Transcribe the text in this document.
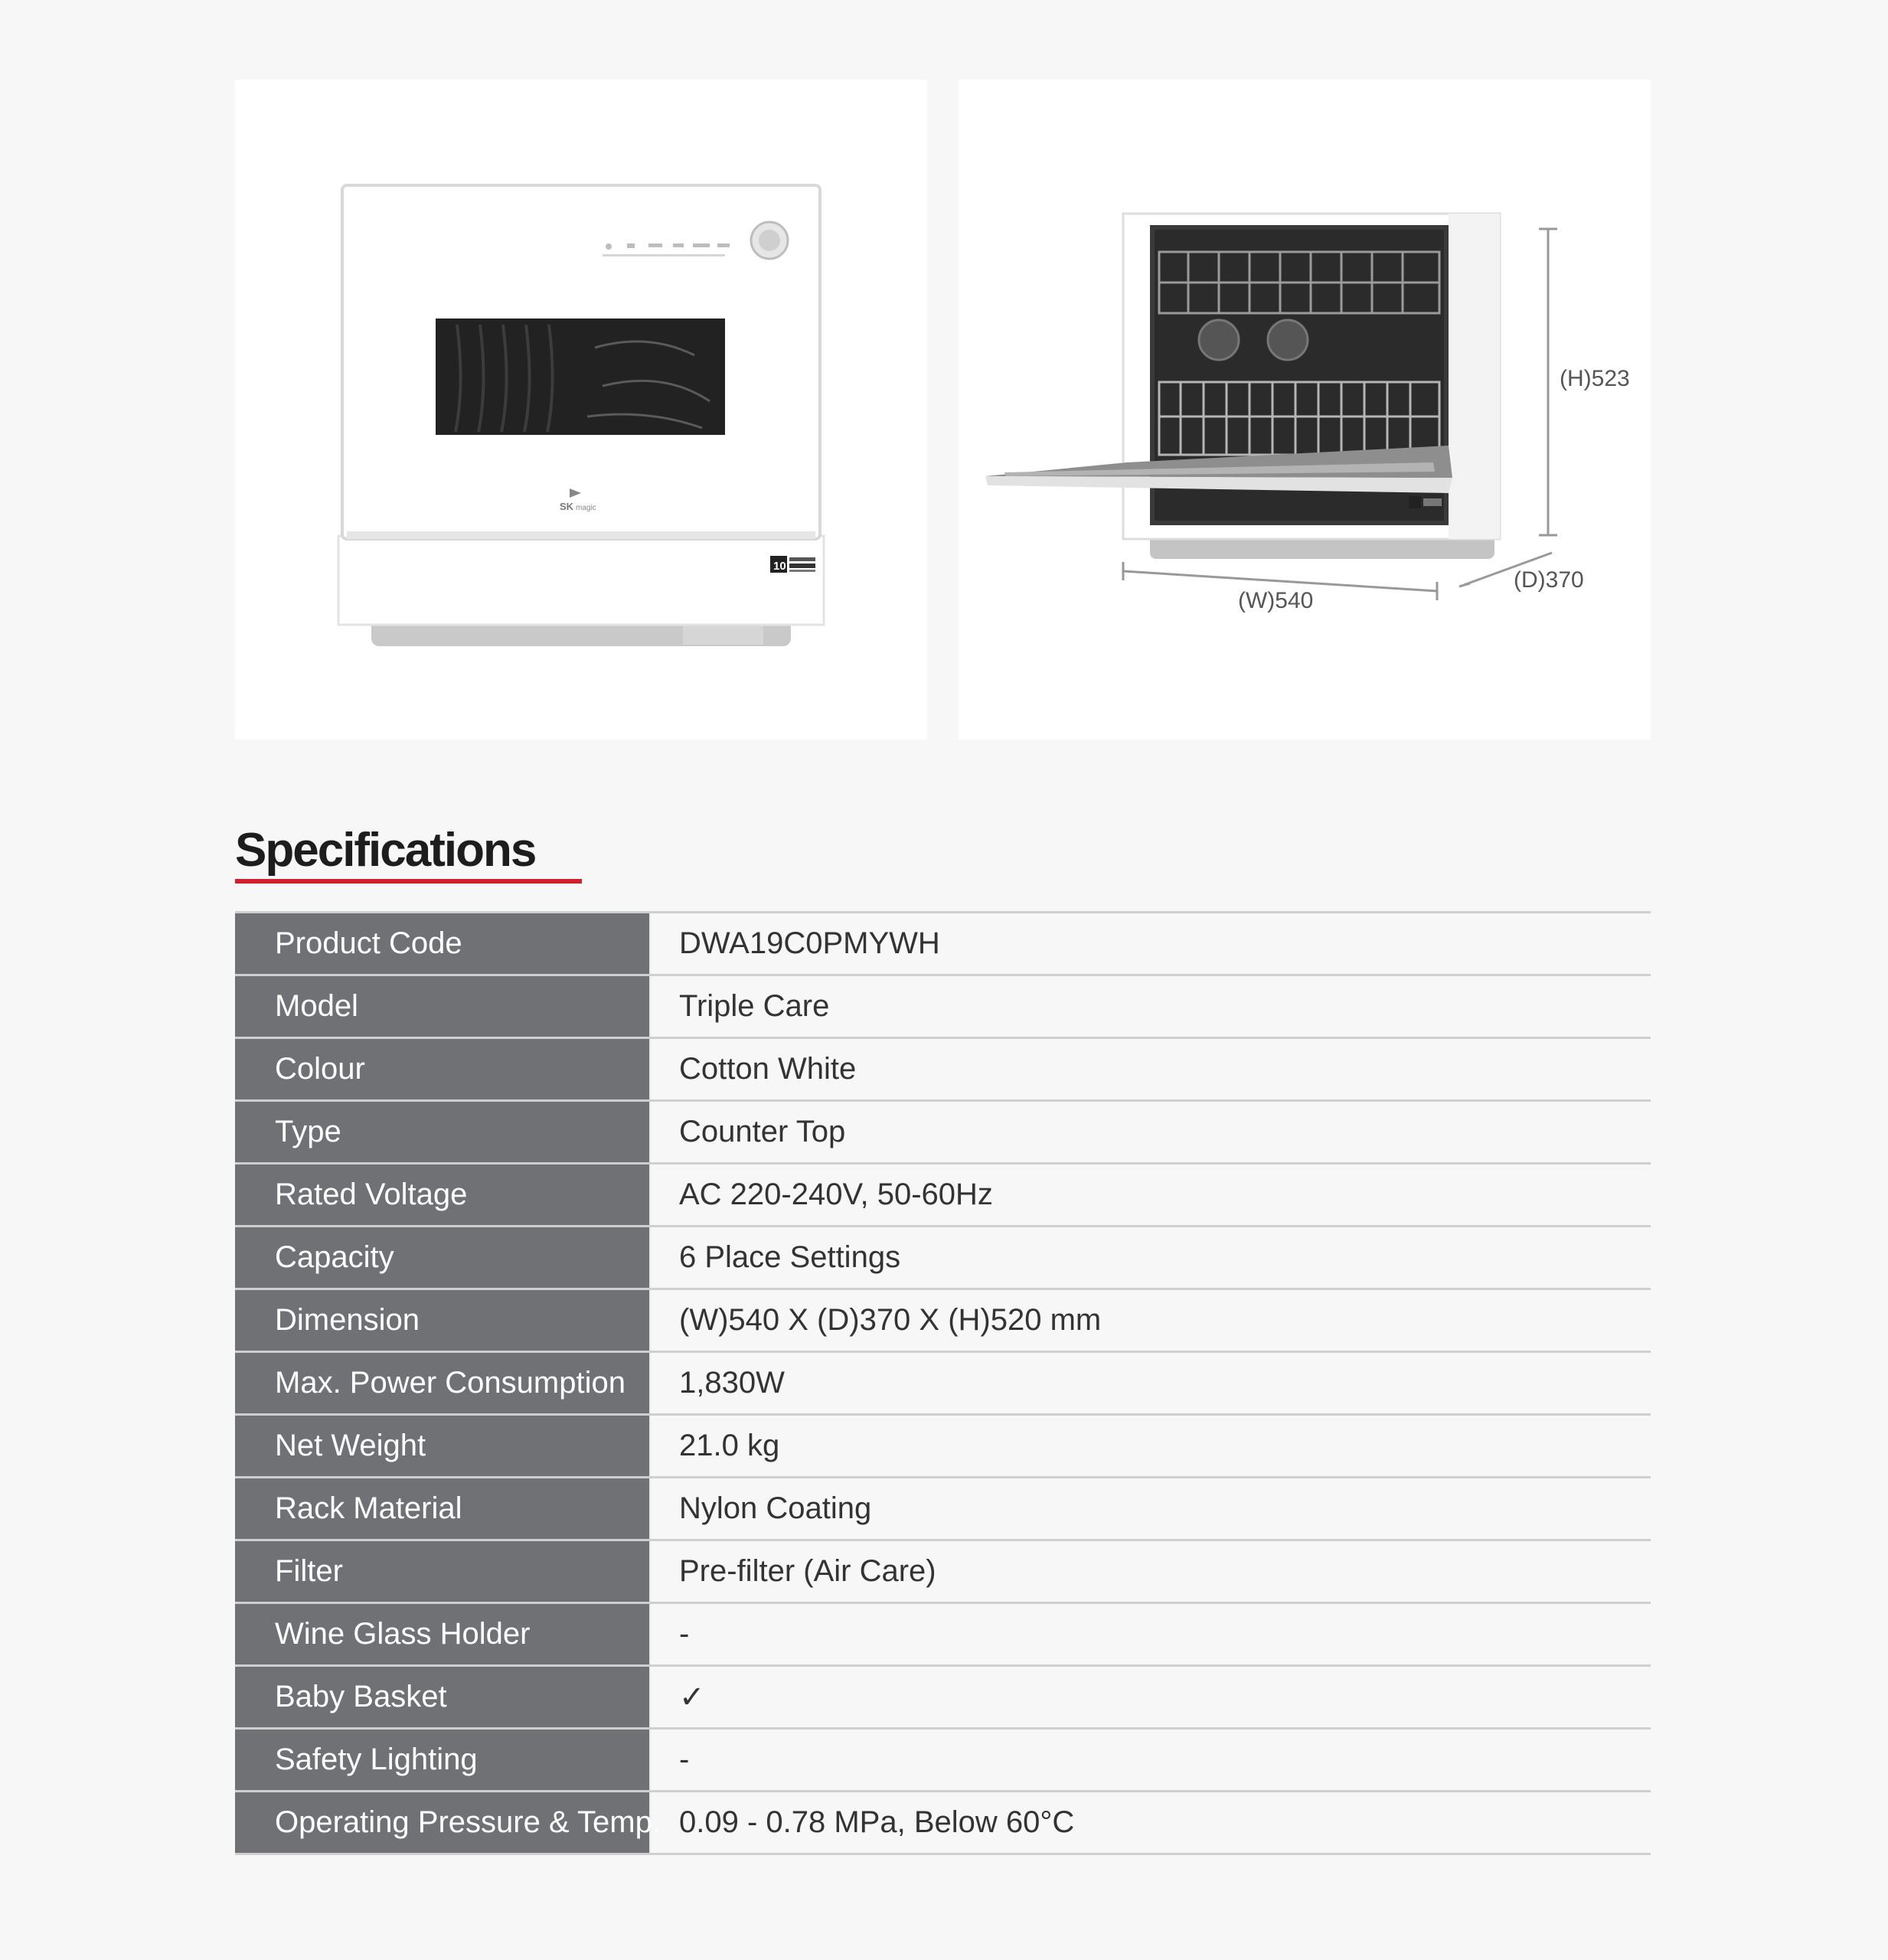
SK magic
10
(H)523
(W)540
(D)370
Specifications
Product Code	DWA19C0PMYWH
Model	Triple Care
Colour	Cotton White
Type	Counter Top
Rated Voltage	AC 220-240V, 50-60Hz
Capacity	6 Place Settings
Dimension	(W)540 X (D)370 X (H)520 mm
Max. Power Consumption	1,830W
Net Weight	21.0 kg
Rack Material	Nylon Coating
Filter	Pre-filter (Air Care)
Wine Glass Holder	-
Baby Basket	✓
Safety Lighting	-
Operating Pressure & Temp. 0.09 - 0.78 MPa, Below 60°C
